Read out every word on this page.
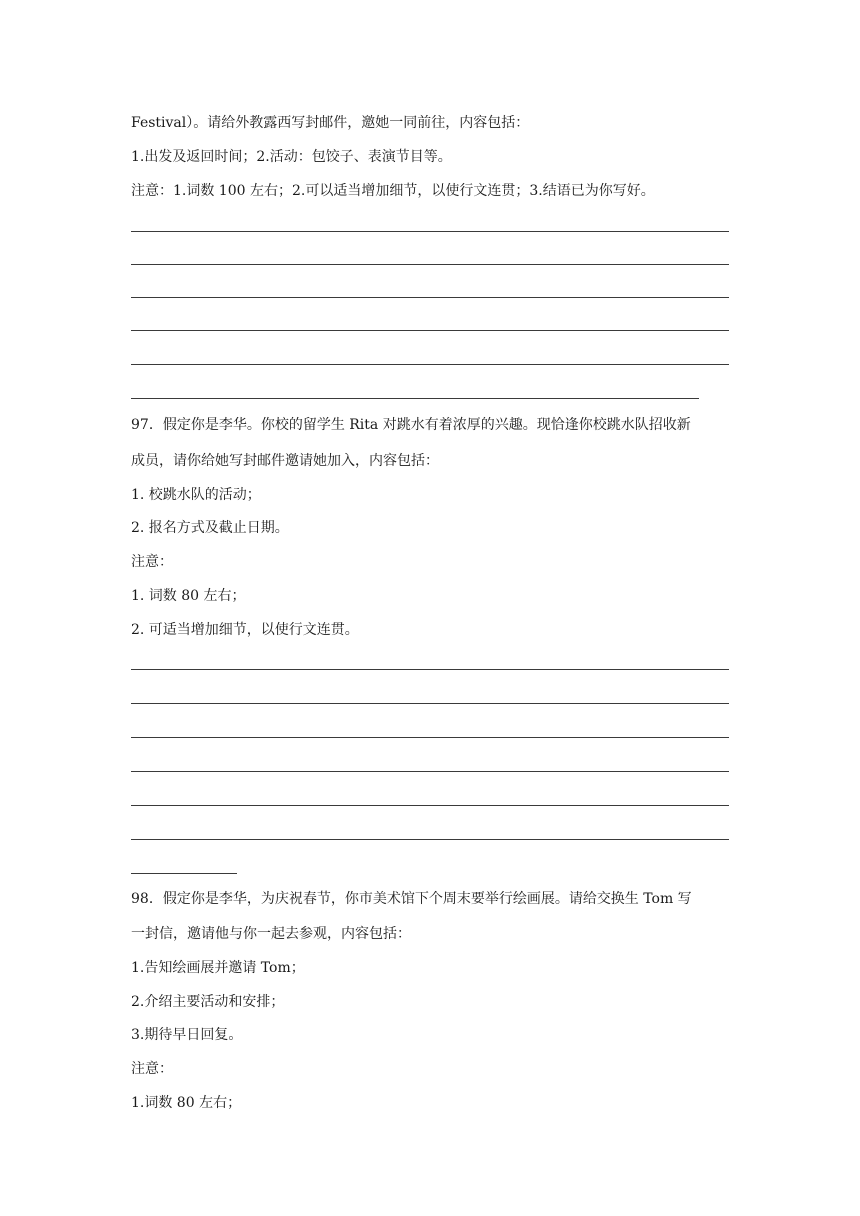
Festival）。请给外教露西写封邮件，邀她一同前往，内容包括：
1.出发及返回时间；2.活动：包饺子、表演节目等。
注意：1.词数 100 左右；2.可以适当增加细节，以使行文连贯；3.结语已为你写好。
97．假定你是李华。你校的留学生 Rita 对跳水有着浓厚的兴趣。现恰逢你校跳水队招收新
成员，请你给她写封邮件邀请她加入，内容包括：
1. 校跳水队的活动；
2. 报名方式及截止日期。
注意：
1. 词数 80 左右；
2. 可适当增加细节，以使行文连贯。
98．假定你是李华，为庆祝春节，你市美术馆下个周末要举行绘画展。请给交换生 Tom 写
一封信，邀请他与你一起去参观，内容包括：
1.告知绘画展并邀请 Tom；
2.介绍主要活动和安排；
3.期待早日回复。
注意：
1.词数 80 左右；
